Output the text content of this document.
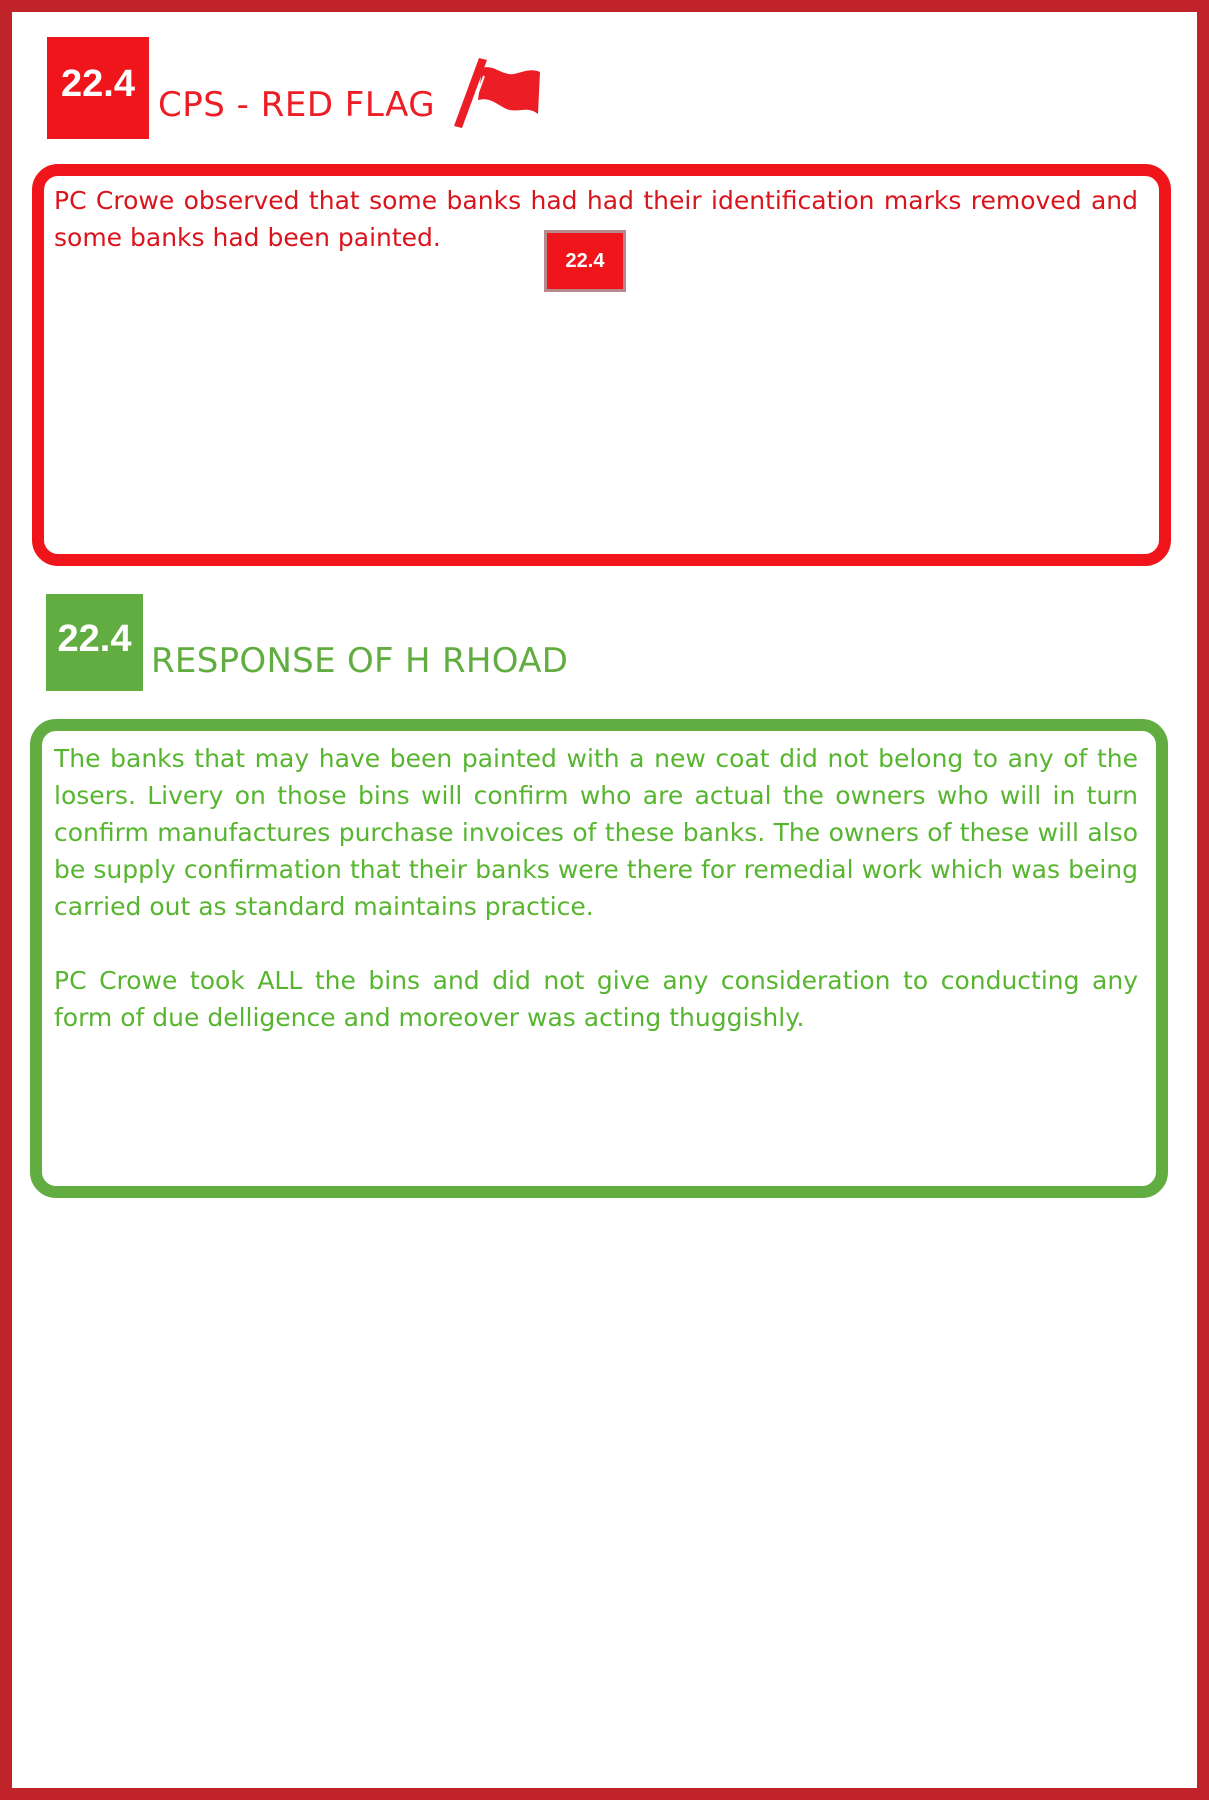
22.4 CPS - RED FLAG

PC Crowe observed that some banks had had their identification marks removed and some banks had been painted.

22.4
22.4
RESPONSE OF H RHOAD

The banks that may have been painted with a new coat did not belong to any of the losers. Livery on those bins will confirm who are actual the owners who will in turn confirm manufactures purchase invoices of these banks. The owners of these will also be supply confirmation that their banks were there for remedial work which was being carried out as standard maintains practice.

PC Crowe took ALL the bins and did not give any consideration to conducting any form of due delligence and moreover was acting thuggishly.
